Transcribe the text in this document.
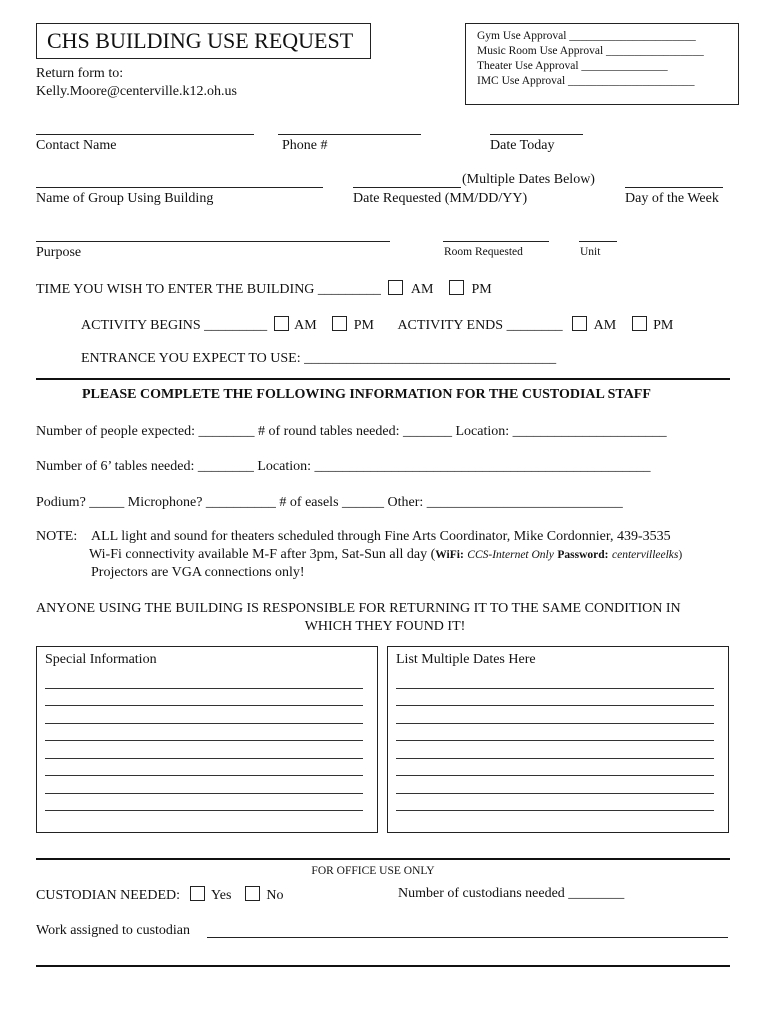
CHS BUILDING USE REQUEST
Return form to:
Kelly.Moore@centerville.k12.oh.us
Gym Use Approval ______________________
Music Room Use Approval _________________
Theater Use Approval _______________
IMC Use Approval ______________________
Contact Name	Phone #	Date Today
(Multiple Dates Below)
Name of Group Using Building	Date Requested (MM/DD/YY)	Day of the Week
Purpose	Room Requested	Unit
TIME YOU WISH TO ENTER THE BUILDING _________ AM	PM
ACTIVITY BEGINS _________ AM	PM ACTIVITY ENDS ________ AM	PM
ENTRANCE YOU EXPECT TO USE: ____________________________________
PLEASE COMPLETE THE FOLLOWING INFORMATION FOR THE CUSTODIAL STAFF
Number of people expected: ________ # of round tables needed: _______ Location: ______________________
Number of 6’ tables needed: ________ Location: ________________________________________________
Podium? _____ Microphone? __________ # of easels ______ Other: ____________________________
NOTE: ALL light and sound for theaters scheduled through Fine Arts Coordinator, Mike Cordonnier, 439-3535
Wi-Fi connectivity available M-F after 3pm, Sat-Sun all day (WiFi: CCS-Internet Only Password: centervilleelks)
Projectors are VGA connections only!
ANYONE USING THE BUILDING IS RESPONSIBLE FOR RETURNING IT TO THE SAME CONDITION IN
WHICH THEY FOUND IT!
Special Information	List Multiple Dates Here
FOR OFFICE USE ONLY
CUSTODIAN NEEDED: Yes	No	Number of custodians needed ________
Work assigned to custodian
